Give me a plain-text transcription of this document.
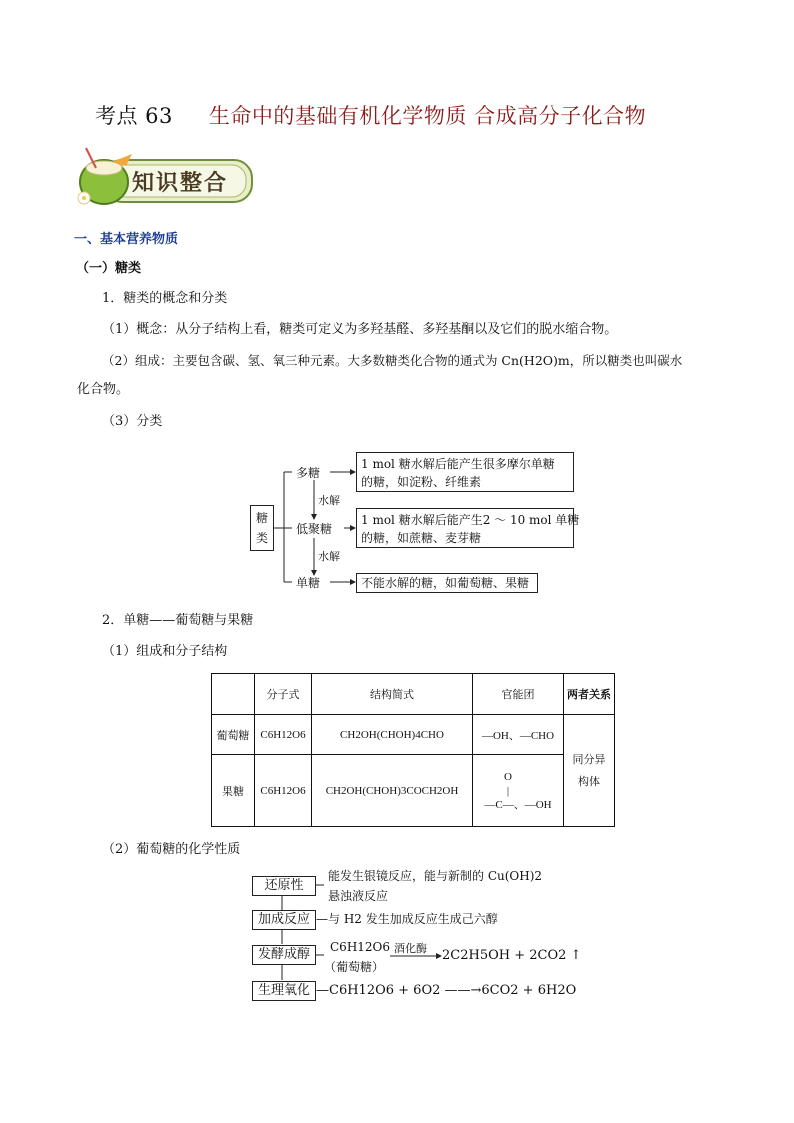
考点 63 生命中的基础有机化学物质 合成高分子化合物
知识整合
一、基本营养物质
（一）糖类
1．糖类的概念和分类
（1）概念：从分子结构上看，糖类可定义为多羟基醛、多羟基酮以及它们的脱水缩合物。
（2）组成：主要包含碳、氢、氧三种元素。大多数糖类化合物的通式为 Cn(H2O)m，所以糖类也叫碳水
化合物。
（3）分类
糖
类
多糖
水解
低聚糖
水解
单糖
1 mol 糖水解后能产生很多摩尔单糖
的糖，如淀粉、纤维素
1 mol 糖水解后能产生2 ～ 10 mol 单糖
的糖，如蔗糖、麦芽糖
不能水解的糖，如葡萄糖、果糖
2．单糖——葡萄糖与果糖
（1）组成和分子结构
	分子式	结构简式	官能团	两者关系
葡萄糖	C6H12O6	CH2OH(CHOH)4CHO	—OH、—CHO	同分异
构体

果糖	C6H12O6	CH2OH(CHOH)3COCH2OH	O
|
—C—、—OH	
（2）葡萄糖的化学性质
还原性
能发生银镜反应，能与新制的 Cu(OH)2
悬浊液反应
加成反应 —与 H2 发生加成反应生成己六醇
发酵成醇	C6H12O6
（葡萄糖）
酒化酶 2C2H5OH + 2CO2 ↑
生理氧化 —C6H12O6 + 6O2 ——→6CO2 + 6H2O
